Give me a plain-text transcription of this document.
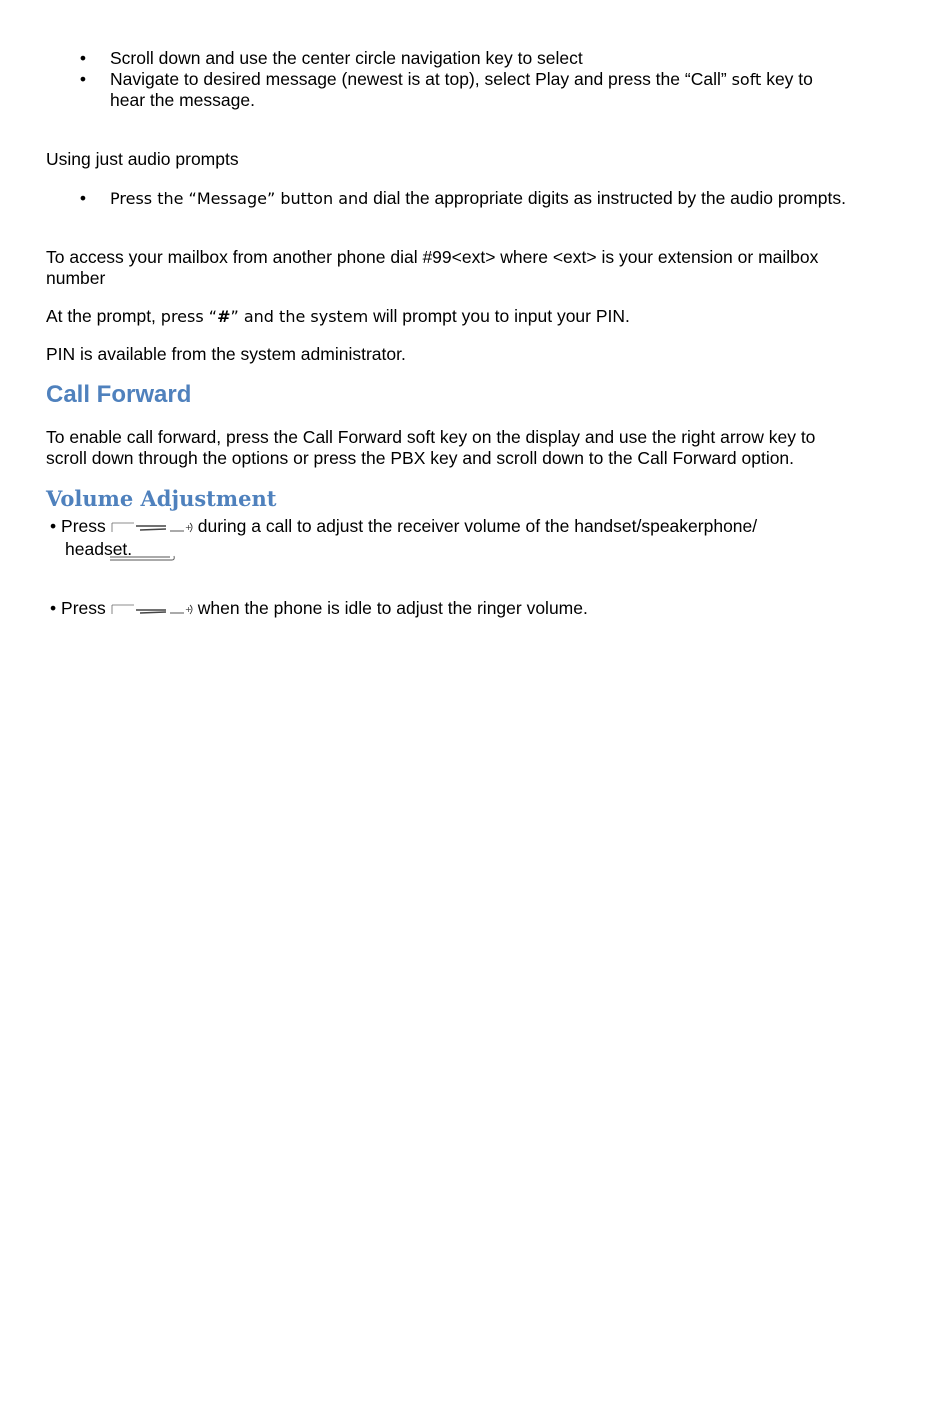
• Scroll down and use the center circle navigation key to select
• Navigate to desired message (newest is at top), select Play and press the “Call” soft key to hear the message.
Using just audio prompts
• Press the “Message” button and dial the appropriate digits as instructed by the audio prompts.
To access your mailbox from another phone dial #99<ext> where <ext> is your extension or mailbox number
At the prompt, press “#” and the system will prompt you to input your PIN.
PIN is available from the system administrator.
Call Forward
To enable call forward, press the Call Forward soft key on the display and use the right arrow key to scroll down through the options or press the PBX key and scroll down to the Call Forward option.
Volume Adjustment
• Press	+ during a call to adjust the receiver volume of the handset/speakerphone/
headset.
• Press	+ when the phone is idle to adjust the ringer volume.
